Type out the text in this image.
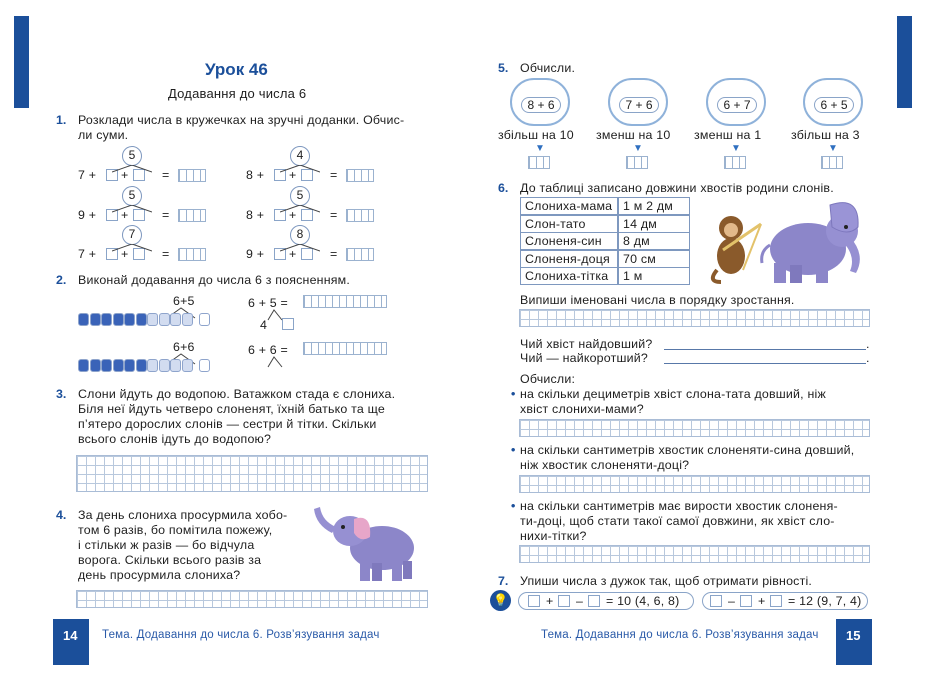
Урок 46
Додавання до числа 6
1. Розклади числа в кружечках на зручні доданки. Обчис-
ли суми.
7 + +	=
5
8 + +	=
4
9 + +	=
5
8 + +	=
5
7 + +	=
7
9 + +	=
8
2. Виконай додавання до числа 6 з поясненням.
6+5
6+6
6 + 5 =
4
6 + 6 =
3. Слони йдуть до водопою. Ватажком стада є слониха.
Біля неї йдуть четверо слоненят, їхній батько та ще
п’ятеро дорослих слонів — сестри й тітки. Скільки
всього слонів ідуть до водопою?
4. За день слониха просурмила хобо-
том 6 разів, бо помітила пожежу,
і стільки ж разів — бо відчула
ворога. Скільки всього разів за
день просурмила слониха?
14 Тема. Додавання до числа 6. Розв’язування задач
5. Обчисли.
8 + 6
збільш на 10
▼
7 + 6
зменш на 10
▼
6 + 7
зменш на 1
▼
6 + 5
збільш на 3
▼
6. До таблиці записано довжини хвостів родини слонів.
Слониха-мама 1 м 2 дм
Слон-тато	14 дм
Слоненя-син	8 дм
Слоненя-доця	70 см
Слониха-тітка	1 м
Випиши іменовані числа в порядку зростання.
Чий хвіст найдовший?	.
Чий — найкоротший?	.
Обчисли:
• на скільки дециметрів хвіст слона-тата довший, ніж
хвіст слонихи-мами?
• на скільки сантиметрів хвостик слоненяти-сина довший,
ніж хвостик слоненяти-доці?
• на скільки сантиметрів має вирости хвостик слоненя-
ти-доці, щоб стати такої самої довжини, як хвіст сло-
нихи-тітки?
7. Упиши числа з дужок так, щоб отримати рівності.
💡	+ – = 10 (4, 6, 8)	– + = 12 (9, 7, 4)
Тема. Додавання до числа 6. Розв’язування задач 15
